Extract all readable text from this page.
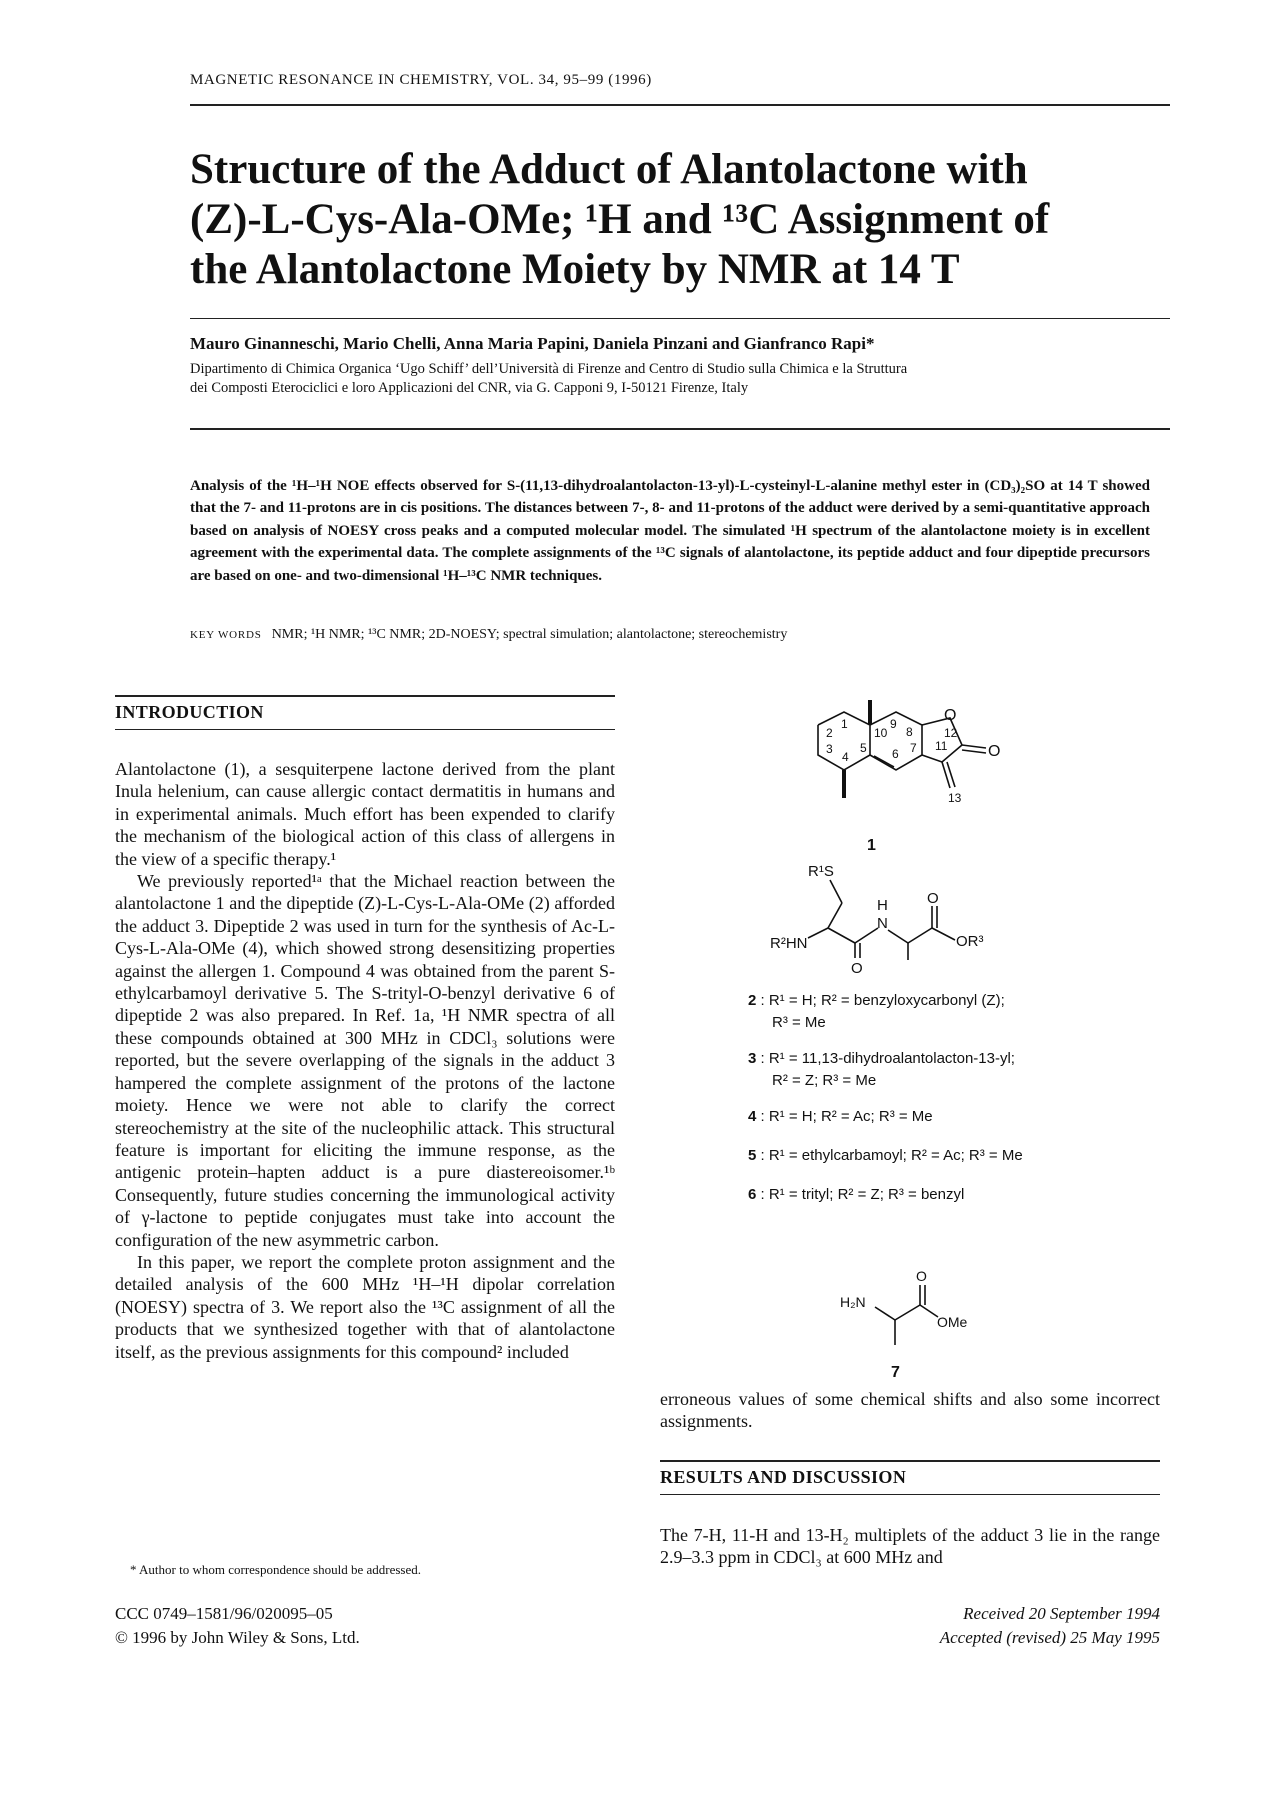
MAGNETIC RESONANCE IN CHEMISTRY, VOL. 34, 95–99 (1996)
Structure of the Adduct of Alantolactone with
(Z)-L-Cys-Ala-OMe; ¹H and ¹³C Assignment of
the Alantolactone Moiety by NMR at 14 T
Mauro Ginanneschi, Mario Chelli, Anna Maria Papini, Daniela Pinzani and Gianfranco Rapi*
Dipartimento di Chimica Organica ‘Ugo Schiff’ dell’Università di Firenze and Centro di Studio sulla Chimica e la Struttura
dei Composti Eterociclici e loro Applicazioni del CNR, via G. Capponi 9, I-50121 Firenze, Italy
Analysis of the ¹H–¹H NOE effects observed for S-(11,13-dihydroalantolacton-13-yl)-L-cysteinyl-L-alanine methyl ester in (CD₃)₂SO at 14 T showed that the 7- and 11-protons are in cis positions. The distances between 7-, 8- and 11-protons of the adduct were derived by a semi-quantitative approach based on analysis of NOESY cross peaks and a computed molecular model. The simulated ¹H spectrum of the alantolactone moiety is in excellent agreement with the experimental data. The complete assignments of the ¹³C signals of alantolactone, its peptide adduct and four dipeptide precursors are based on one- and two-dimensional ¹H–¹³C NMR techniques.
KEY WORDS NMR; ¹H NMR; ¹³C NMR; 2D-NOESY; spectral simulation; alantolactone; stereochemistry
INTRODUCTION

Alantolactone (1), a sesquiterpene lactone derived from the plant Inula helenium, can cause allergic contact dermatitis in humans and in experimental animals. Much effort has been expended to clarify the mechanism of the biological action of this class of allergens in the view of a specific therapy.¹

We previously reported¹ᵃ that the Michael reaction between the alantolactone 1 and the dipeptide (Z)-L-Cys-L-Ala-OMe (2) afforded the adduct 3. Dipeptide 2 was used in turn for the synthesis of Ac-L-Cys-L-Ala-OMe (4), which showed strong desensitizing properties against the allergen 1. Compound 4 was obtained from the parent S-ethylcarbamoyl derivative 5. The S-trityl-O-benzyl derivative 6 of dipeptide 2 was also prepared. In Ref. 1a, ¹H NMR spectra of all these compounds obtained at 300 MHz in CDCl₃ solutions were reported, but the severe overlapping of the signals in the adduct 3 hampered the complete assignment of the protons of the lactone moiety. Hence we were not able to clarify the correct stereochemistry at the site of the nucleophilic attack. This structural feature is important for eliciting the immune response, as the antigenic protein–hapten adduct is a pure diastereoisomer.¹ᵇ Consequently, future studies concerning the immunological activity of γ-lactone to peptide conjugates must take into account the configuration of the new asymmetric carbon.

In this paper, we report the complete proton assignment and the detailed analysis of the 600 MHz ¹H–¹H dipolar correlation (NOESY) spectra of 3. We report also the ¹³C assignment of all the products that we synthesized together with that of alantolactone itself, as the previous assignments for this compound² included

* Author to whom correspondence should be addressed.
CCC 0749–1581/96/020095–05
© 1996 by John Wiley & Sons, Ltd.
2
1
3
4
5
10
9
8
6 7 11
12
13
O
O
1
R¹S
H
N
O
R²HN	OR³
O
2 : R¹ = H; R² = benzyloxycarbonyl (Z);
R³ = Me
3 : R¹ = 11,13-dihydroalantolacton-13-yl;
R² = Z; R³ = Me
4 : R¹ = H; R² = Ac; R³ = Me
5 : R¹ = ethylcarbamoyl; R² = Ac; R³ = Me
6 : R¹ = trityl; R² = Z; R³ = benzyl
H₂N
O
OMe
7
erroneous values of some chemical shifts and also some incorrect assignments.
RESULTS AND DISCUSSION
The 7-H, 11-H and 13-H₂ multiplets of the adduct 3 lie in the range 2.9–3.3 ppm in CDCl₃ at 600 MHz and
Received 20 September 1994
Accepted (revised) 25 May 1995
